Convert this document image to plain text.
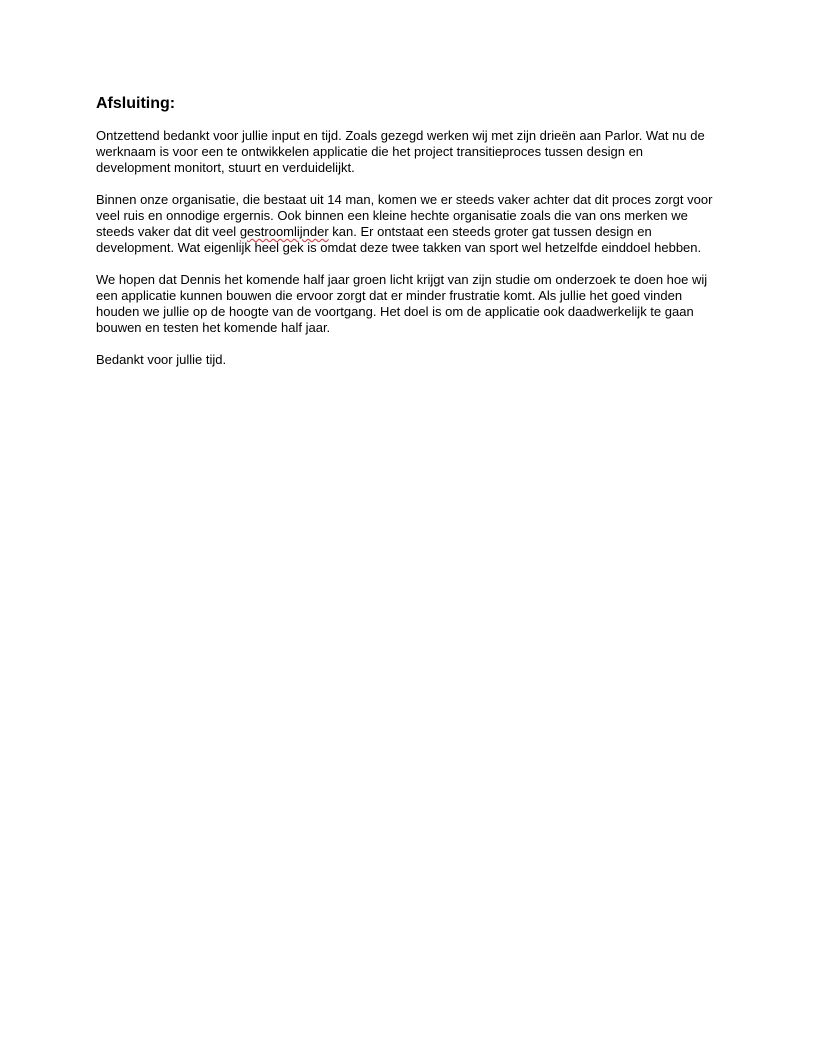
Afsluiting:

Ontzettend bedankt voor jullie input en tijd. Zoals gezegd werken wij met zijn drieën aan Parlor. Wat nu de werknaam is voor een te ontwikkelen applicatie die het project transitieproces tussen design en development monitort, stuurt en verduidelijkt.

Binnen onze organisatie, die bestaat uit 14 man, komen we er steeds vaker achter dat dit proces zorgt voor veel ruis en onnodige ergernis. Ook binnen een kleine hechte organisatie zoals die van ons merken we steeds vaker dat dit veel gestroomlijnder kan. Er ontstaat een steeds groter gat tussen design en development. Wat eigenlijk heel gek is omdat deze twee takken van sport wel hetzelfde einddoel hebben.

We hopen dat Dennis het komende half jaar groen licht krijgt van zijn studie om onderzoek te doen hoe wij een applicatie kunnen bouwen die ervoor zorgt dat er minder frustratie komt. Als jullie het goed vinden houden we jullie op de hoogte van de voortgang. Het doel is om de applicatie ook daadwerkelijk te gaan bouwen en testen het komende half jaar.

Bedankt voor jullie tijd.
